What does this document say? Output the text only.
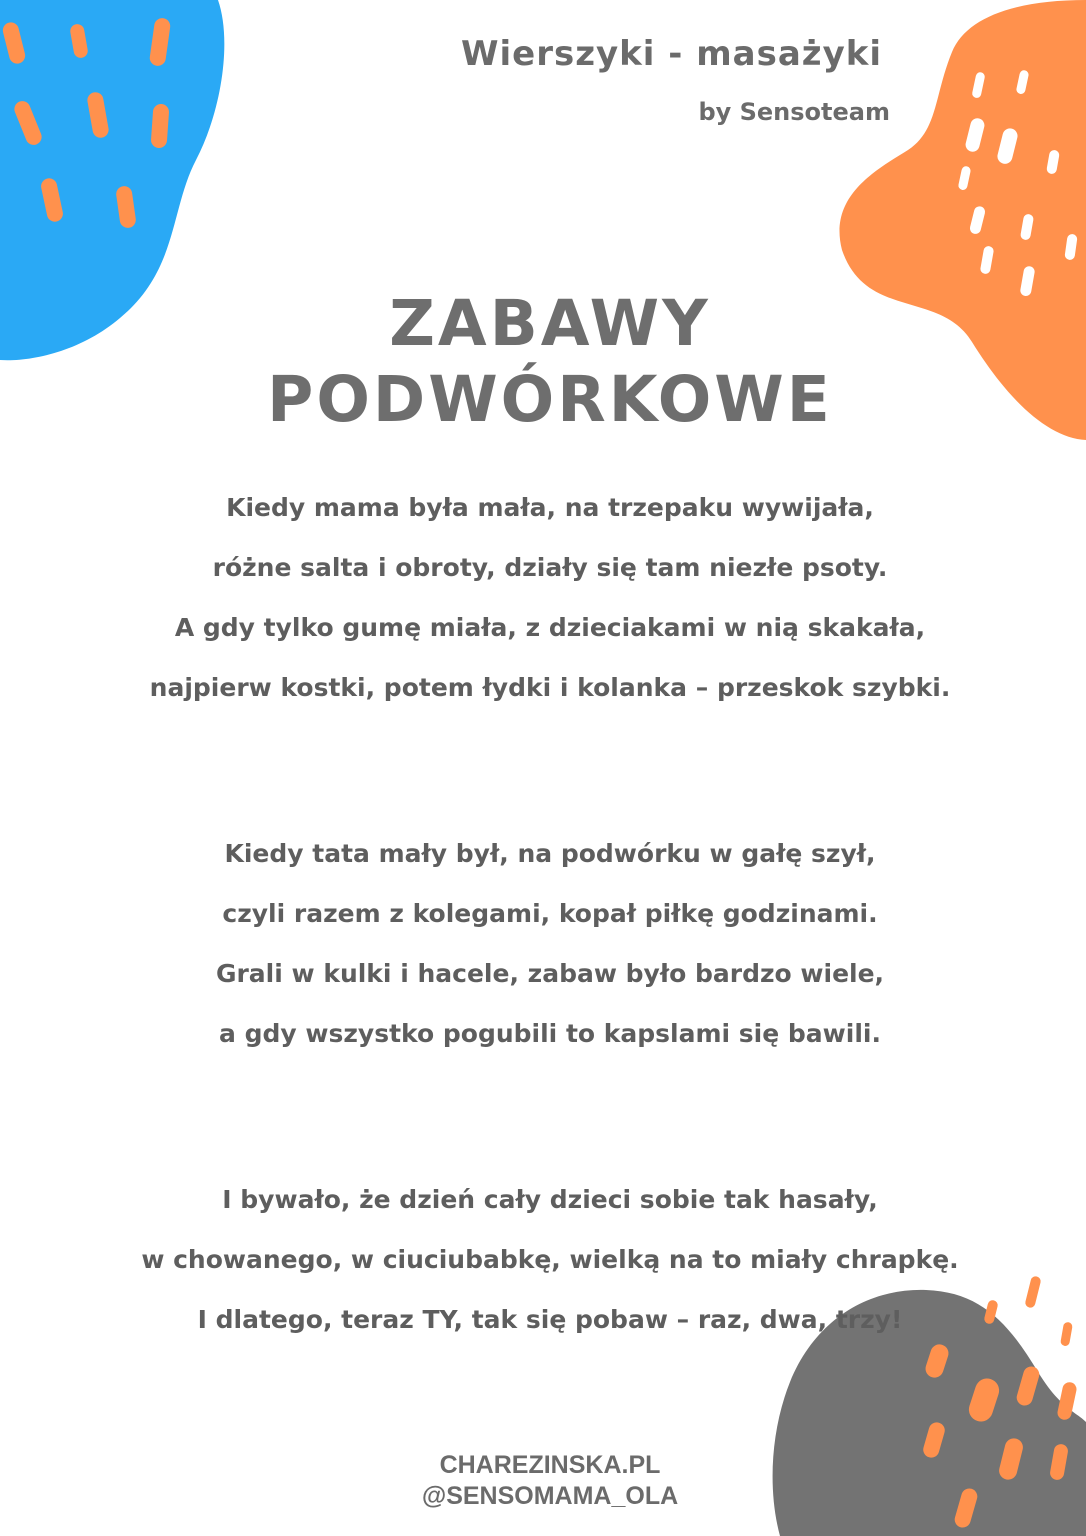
Wierszyki - masażyki

by Sensoteam

ZABAWY
PODWÓRKOWE
Kiedy mama była mała, na trzepaku wywijała,
różne salta i obroty, działy się tam niezłe psoty.
A gdy tylko gumę miała, z dzieciakami w nią skakała,
najpierw kostki, potem łydki i kolanka – przeskok szybki.
Kiedy tata mały był, na podwórku w gałę szył,
czyli razem z kolegami, kopał piłkę godzinami.
Grali w kulki i hacele, zabaw było bardzo wiele,
a gdy wszystko pogubili to kapslami się bawili.
I bywało, że dzień cały dzieci sobie tak hasały,
w chowanego, w ciuciubabkę, wielką na to miały chrapkę.
I dlatego, teraz TY, tak się pobaw – raz, dwa, trzy!
CHAREZINSKA.PL
@SENSOMAMA_OLA
